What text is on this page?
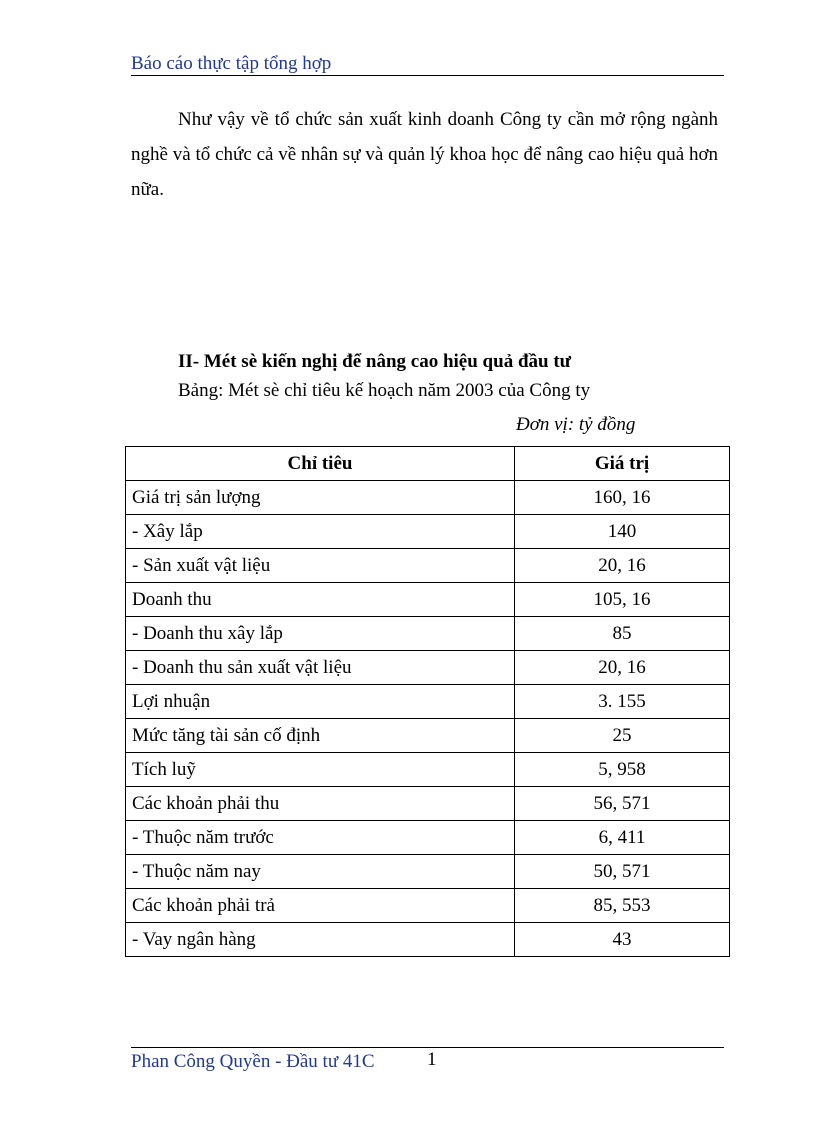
Báo cáo thực tập tổng hợp

Như vậy về tổ chức sản xuất kinh doanh Công ty cần mở rộng ngành nghề và tổ chức cả về nhân sự và quản lý khoa học để nâng cao hiệu quả hơn nữa.

II- Mét sè kiến nghị để nâng cao hiệu quả đầu tư
Bảng: Mét sè chỉ tiêu kế hoạch năm 2003 của Công ty
Đơn vị: tỷ đồng
Chỉ tiêu	Giá trị
Giá trị sản lượng	160, 16
- Xây lắp	140
- Sản xuất vật liệu	20, 16
Doanh thu	105, 16
- Doanh thu xây lắp	85
- Doanh thu sản xuất vật liệu	20, 16
Lợi nhuận	3. 155
Mức tăng tài sản cố định	25
Tích luỹ	5, 958
Các khoản phải thu	56, 571
- Thuộc năm trước	6, 411
- Thuộc năm nay	50, 571
Các khoản phải trả	85, 553
- Vay ngân hàng	43
Phan Công Quyền - Đầu tư 41C	1
